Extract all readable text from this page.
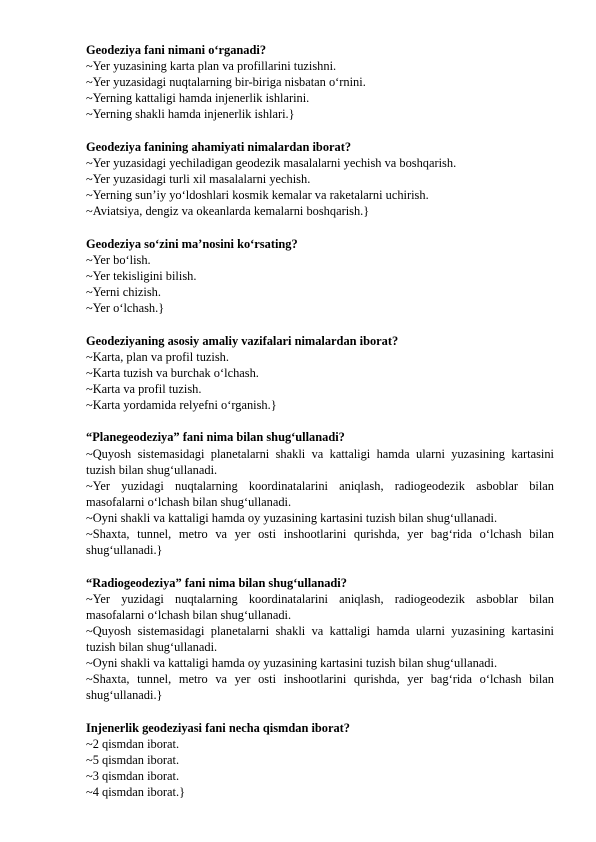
Geodeziya fani nimani o‘rganadi?

~Yer yuzasining karta plan va profillarini tuzishni.

~Yer yuzasidagi nuqtalarning bir-biriga nisbatan o‘rnini.

~Yerning kattaligi hamda injenerlik ishlarini.

~Yerning shakli hamda injenerlik ishlari.}

Geodeziya fanining ahamiyati nimalardan iborat?

~Yer yuzasidagi yechiladigan geodezik masalalarni yechish va boshqarish.

~Yer yuzasidagi turli xil masalalarni yechish.

~Yerning sun’iy yo‘ldoshlari kosmik kemalar va raketalarni uchirish.

~Aviatsiya, dengiz va okeanlarda kemalarni boshqarish.}

Geodeziya so‘zini ma’nosini ko‘rsating?

~Yer bo‘lish.

~Yer tekisligini bilish.

~Yerni chizish.

~Yer o‘lchash.}

Geodeziyaning asosiy amaliy vazifalari nimalardan iborat?

~Karta, plan va profil tuzish.

~Karta tuzish va burchak o‘lchash.

~Karta va profil tuzish.

~Karta yordamida relyefni o‘rganish.}

“Planegeodeziya” fani nima bilan shug‘ullanadi?

~Quyosh sistemasidagi planetalarni shakli va kattaligi hamda ularni yuzasining kartasini tuzish bilan shug‘ullanadi.

~Yer yuzidagi nuqtalarning koordinatalarini aniqlash, radiogeodezik asboblar bilan masofalarni o‘lchash bilan shug‘ullanadi.

~Oyni shakli va kattaligi hamda oy yuzasining kartasini tuzish bilan shug‘ullanadi.

~Shaxta, tunnel, metro va yer osti inshootlarini qurishda, yer bag‘rida o‘lchash bilan shug‘ullanadi.}

“Radiogeodeziya” fani nima bilan shug‘ullanadi?

~Yer yuzidagi nuqtalarning koordinatalarini aniqlash, radiogeodezik asboblar bilan masofalarni o‘lchash bilan shug‘ullanadi.

~Quyosh sistemasidagi planetalarni shakli va kattaligi hamda ularni yuzasining kartasini tuzish bilan shug‘ullanadi.

~Oyni shakli va kattaligi hamda oy yuzasining kartasini tuzish bilan shug‘ullanadi.

~Shaxta, tunnel, metro va yer osti inshootlarini qurishda, yer bag‘rida o‘lchash bilan shug‘ullanadi.}

Injenerlik geodeziyasi fani necha qismdan iborat?

~2 qismdan iborat.

~5 qismdan iborat.

~3 qismdan iborat.

~4 qismdan iborat.}
